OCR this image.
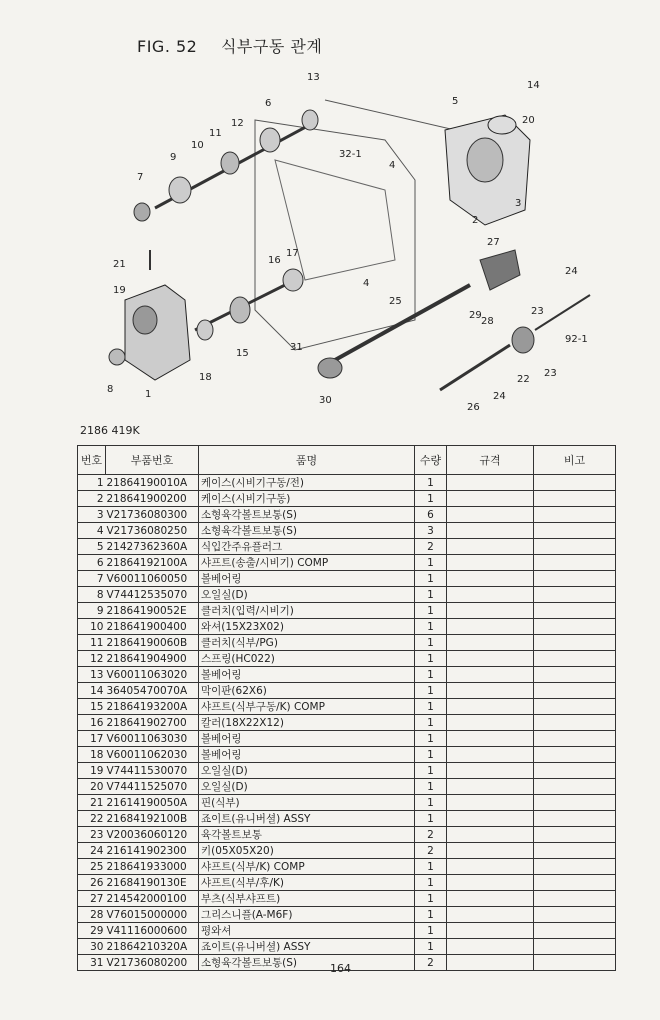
FIG. 52 식부구동 관계
1
2
3
4
4
5
6
7
8
9
10
11
12
13
14
15
16
17
18
19
20
21
22
23
23
24
24
25
26
27
28
29
30
31
32-1
92-1
2186 419K
번호	부품번호	품명	수량	규격	비고
1	21864190010A	케이스(시비기구동/전)	1		
2	218641900200	케이스(시비기구동)	1		
3	V21736080300	소형육각볼트보통(S)	6		
4	V21736080250	소형육각볼트보통(S)	3		
5	21427362360A	식입간주유플러그	2		
6	21864192100A	샤프트(송출/시비기) COMP	1		
7	V60011060050	볼베어링	1		
8	V74412535070	오일실(D)	1		
9	21864190052E	클러치(입력/시비기)	1		
10	218641900400	와셔(15X23X02)	1		
11	21864190060B	클러치(식부/PG)	1		
12	218641904900	스프링(HC022)	1		
13	V60011063020	볼베어링	1		
14	36405470070A	막이판(62X6)	1		
15	21864193200A	샤프트(식부구동/K) COMP	1		
16	218641902700	칼러(18X22X12)	1		
17	V60011063030	볼베어링	1		
18	V60011062030	볼베어링	1		
19	V74411530070	오일실(D)	1		
20	V74411525070	오일실(D)	1		
21	21614190050A	핀(식부)	1		
22	21684192100B	죠이트(유니버셜) ASSY	1		
23	V20036060120	육각볼트보통	2		
24	216141902300	키(05X05X20)	2		
25	218641933000	샤프트(식부/K) COMP	1		
26	21684190130E	샤프트(식부/후/K)	1		
27	214542000100	부츠(식부샤프트)	1		
28	V76015000000	그리스니플(A-M6F)	1		
29	V41116000600	평와셔	1		
30	21864210320A	죠이트(유니버셜) ASSY	1		
31	V21736080200	소형육각볼트보통(S)	2		
164
